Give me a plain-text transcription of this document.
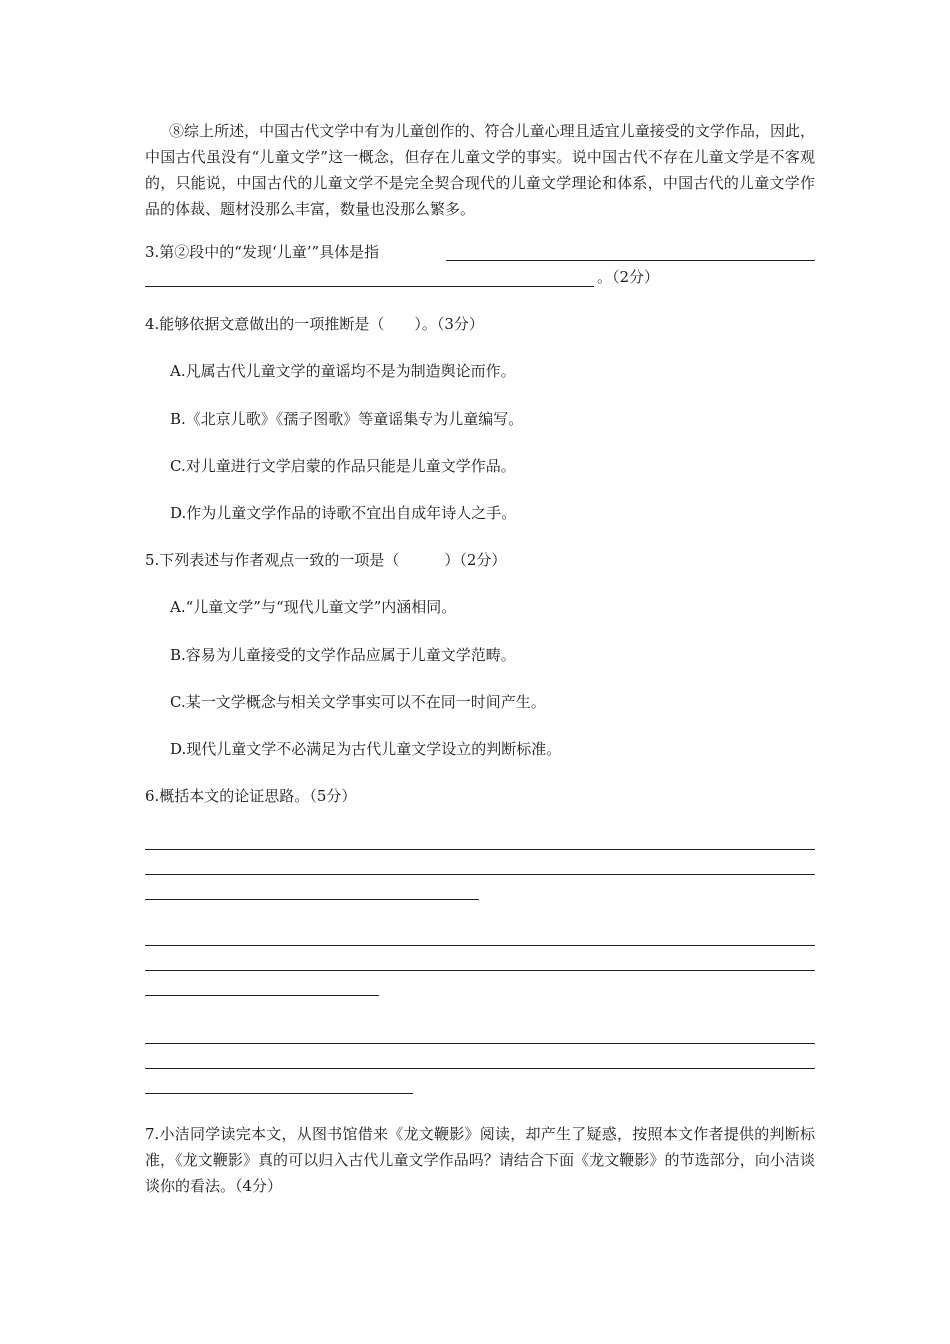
⑧综上所述，中国古代文学中有为儿童创作的、符合儿童心理且适宜儿童接受的文学作品，因此，中国古代虽没有“儿童文学”这一概念，但存在儿童文学的事实。说中国古代不存在儿童文学是不客观的，只能说，中国古代的儿童文学不是完全契合现代的儿童文学理论和体系，中国古代的儿童文学作品的体裁、题材没那么丰富，数量也没那么繁多。

3.第②段中的“发现‘儿童’”具体是指

。（2分）

4.能够依据文意做出的一项推断是（　　）。（3分）

A.凡属古代儿童文学的童谣均不是为制造舆论而作。

B.《北京儿歌》《孺子图歌》等童谣集专为儿童编写。

C.对儿童进行文学启蒙的作品只能是儿童文学作品。

D.作为儿童文学作品的诗歌不宜出自成年诗人之手。

5.下列表述与作者观点一致的一项是（　　　）（2分）

A.“儿童文学”与“现代儿童文学”内涵相同。

B.容易为儿童接受的文学作品应属于儿童文学范畴。

C.某一文学概念与相关文学事实可以不在同一时间产生。

D.现代儿童文学不必满足为古代儿童文学设立的判断标准。

6.概括本文的论证思路。（5分）

7.小洁同学读完本文，从图书馆借来《龙文鞭影》阅读，却产生了疑惑，按照本文作者提供的判断标准，《龙文鞭影》真的可以归入古代儿童文学作品吗？请结合下面《龙文鞭影》的节选部分，向小洁谈谈你的看法。（4分）
